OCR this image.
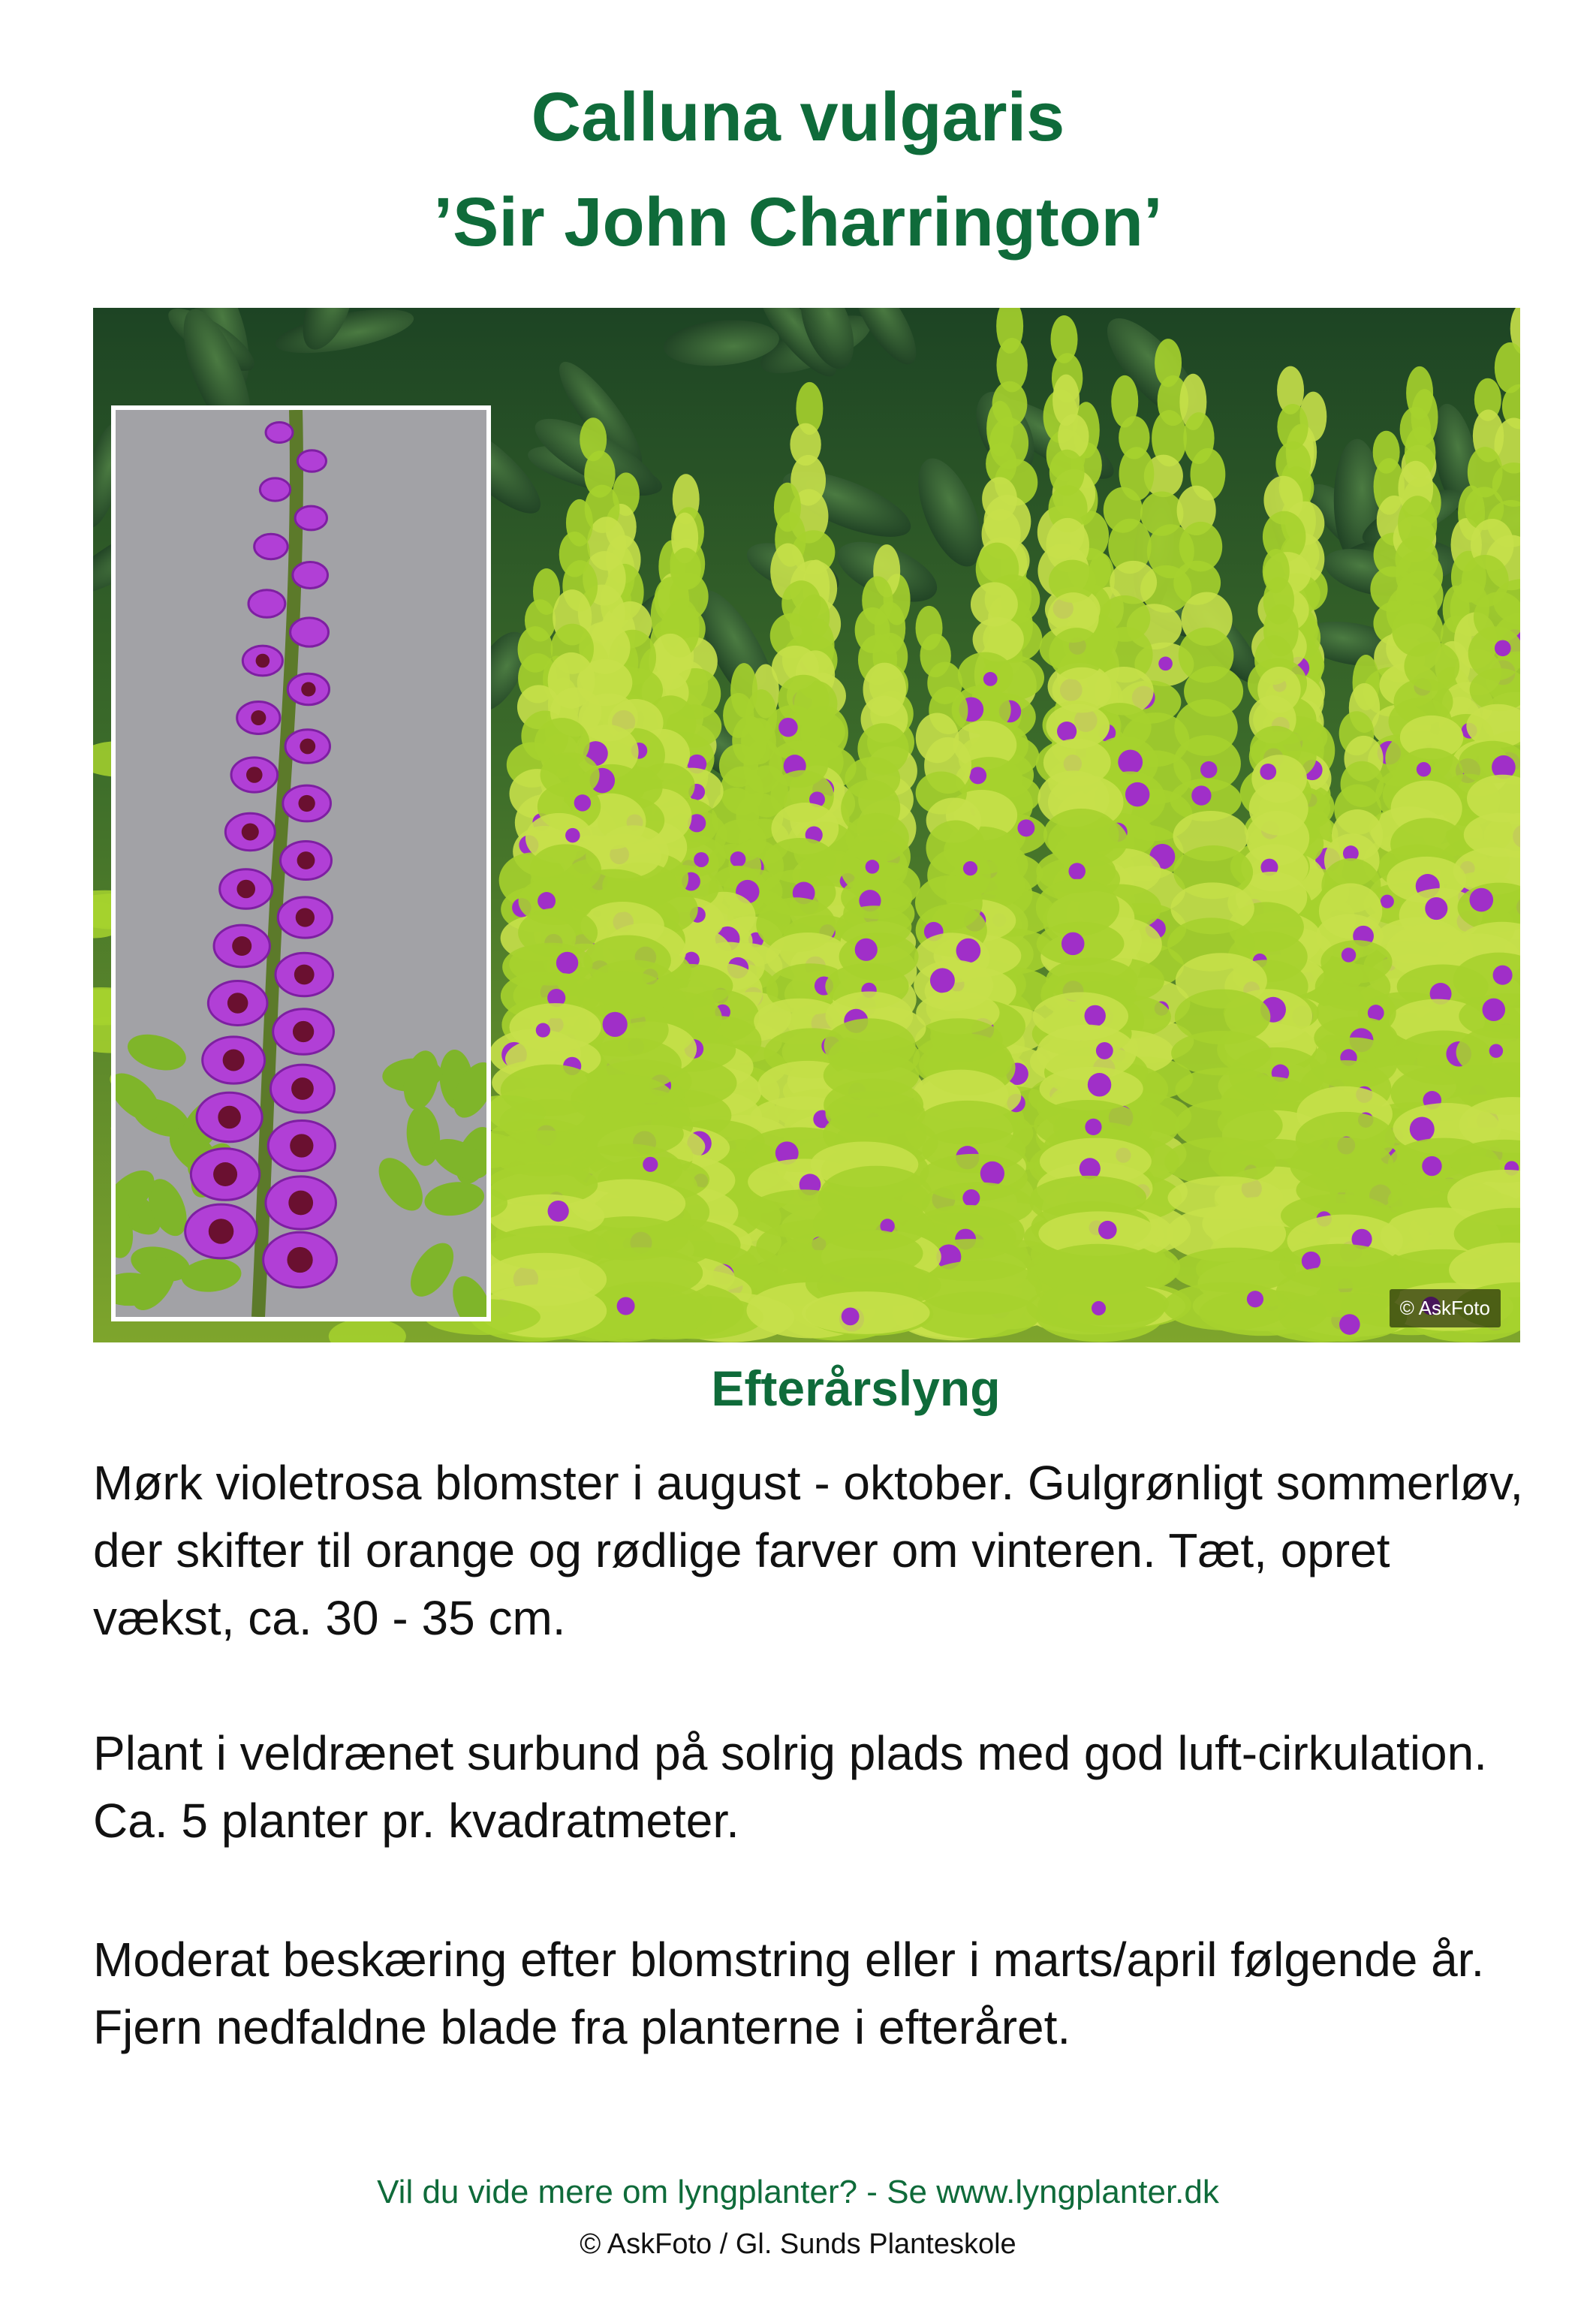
Calluna vulgaris
’Sir John Charrington’
© AskFoto
Efterårslyng

Mørk violetrosa blomster i august - oktober. Gulgrønligt sommerløv, der skifter til orange og rødlige farver om vinteren. Tæt, opret vækst, ca. 30 - 35 cm.

Plant i veldrænet surbund på solrig plads med god luft-cirkulation. Ca. 5 planter pr. kvadratmeter.

Moderat beskæring efter blomstring eller i marts/april følgende år. Fjern nedfaldne blade fra planterne i efteråret.

Vil du vide mere om lyngplanter? - Se www.lyngplanter.dk
© AskFoto / Gl. Sunds Planteskole
